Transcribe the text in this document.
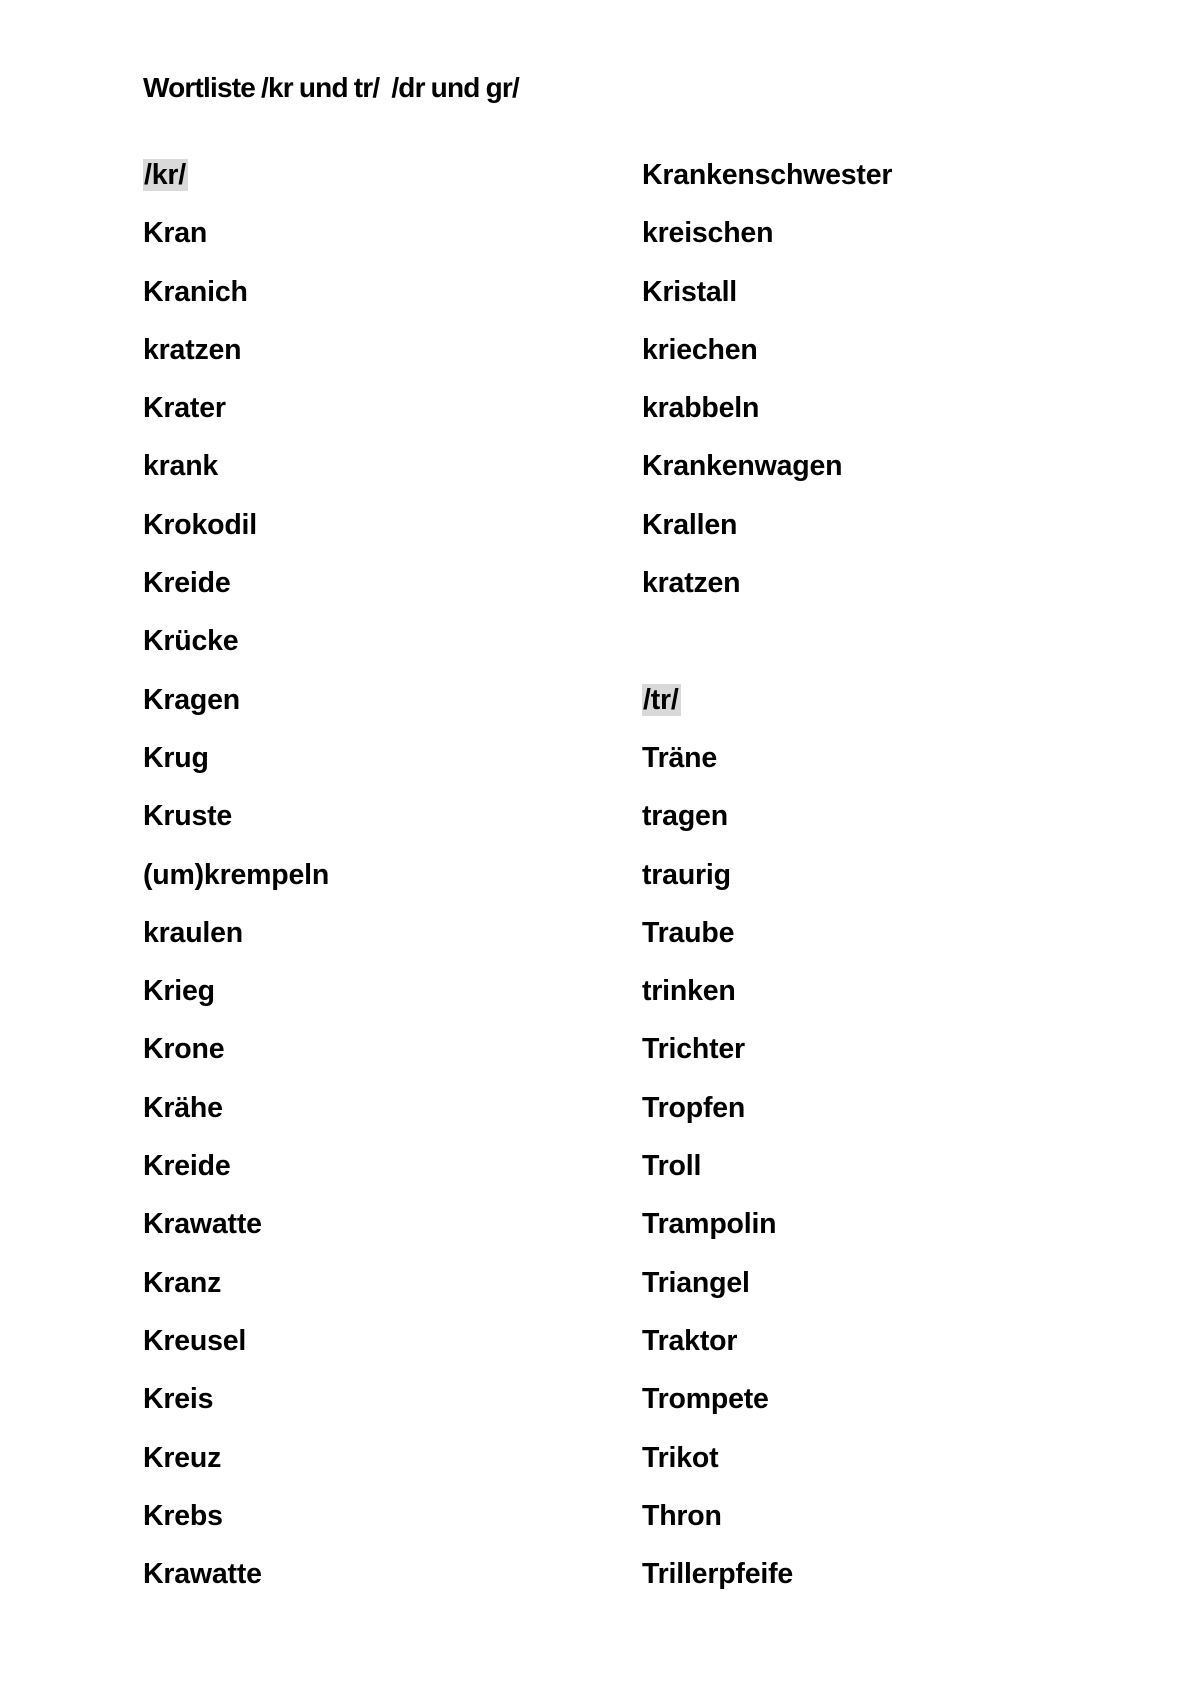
Wortliste /kr und tr/  /dr und gr/
/kr/
Kran
Kranich
kratzen
Krater
krank
Krokodil
Kreide
Krücke
Kragen
Krug
Kruste
(um)krempeln
kraulen
Krieg
Krone
Krähe
Kreide
Krawatte
Kranz
Kreusel
Kreis
Kreuz
Krebs
Krawatte
Krankenschwester
kreischen
Kristall
kriechen
krabbeln
Krankenwagen
Krallen
kratzen
/tr/
Träne
tragen
traurig
Traube
trinken
Trichter
Tropfen
Troll
Trampolin
Triangel
Traktor
Trompete
Trikot
Thron
Trillerpfeife
